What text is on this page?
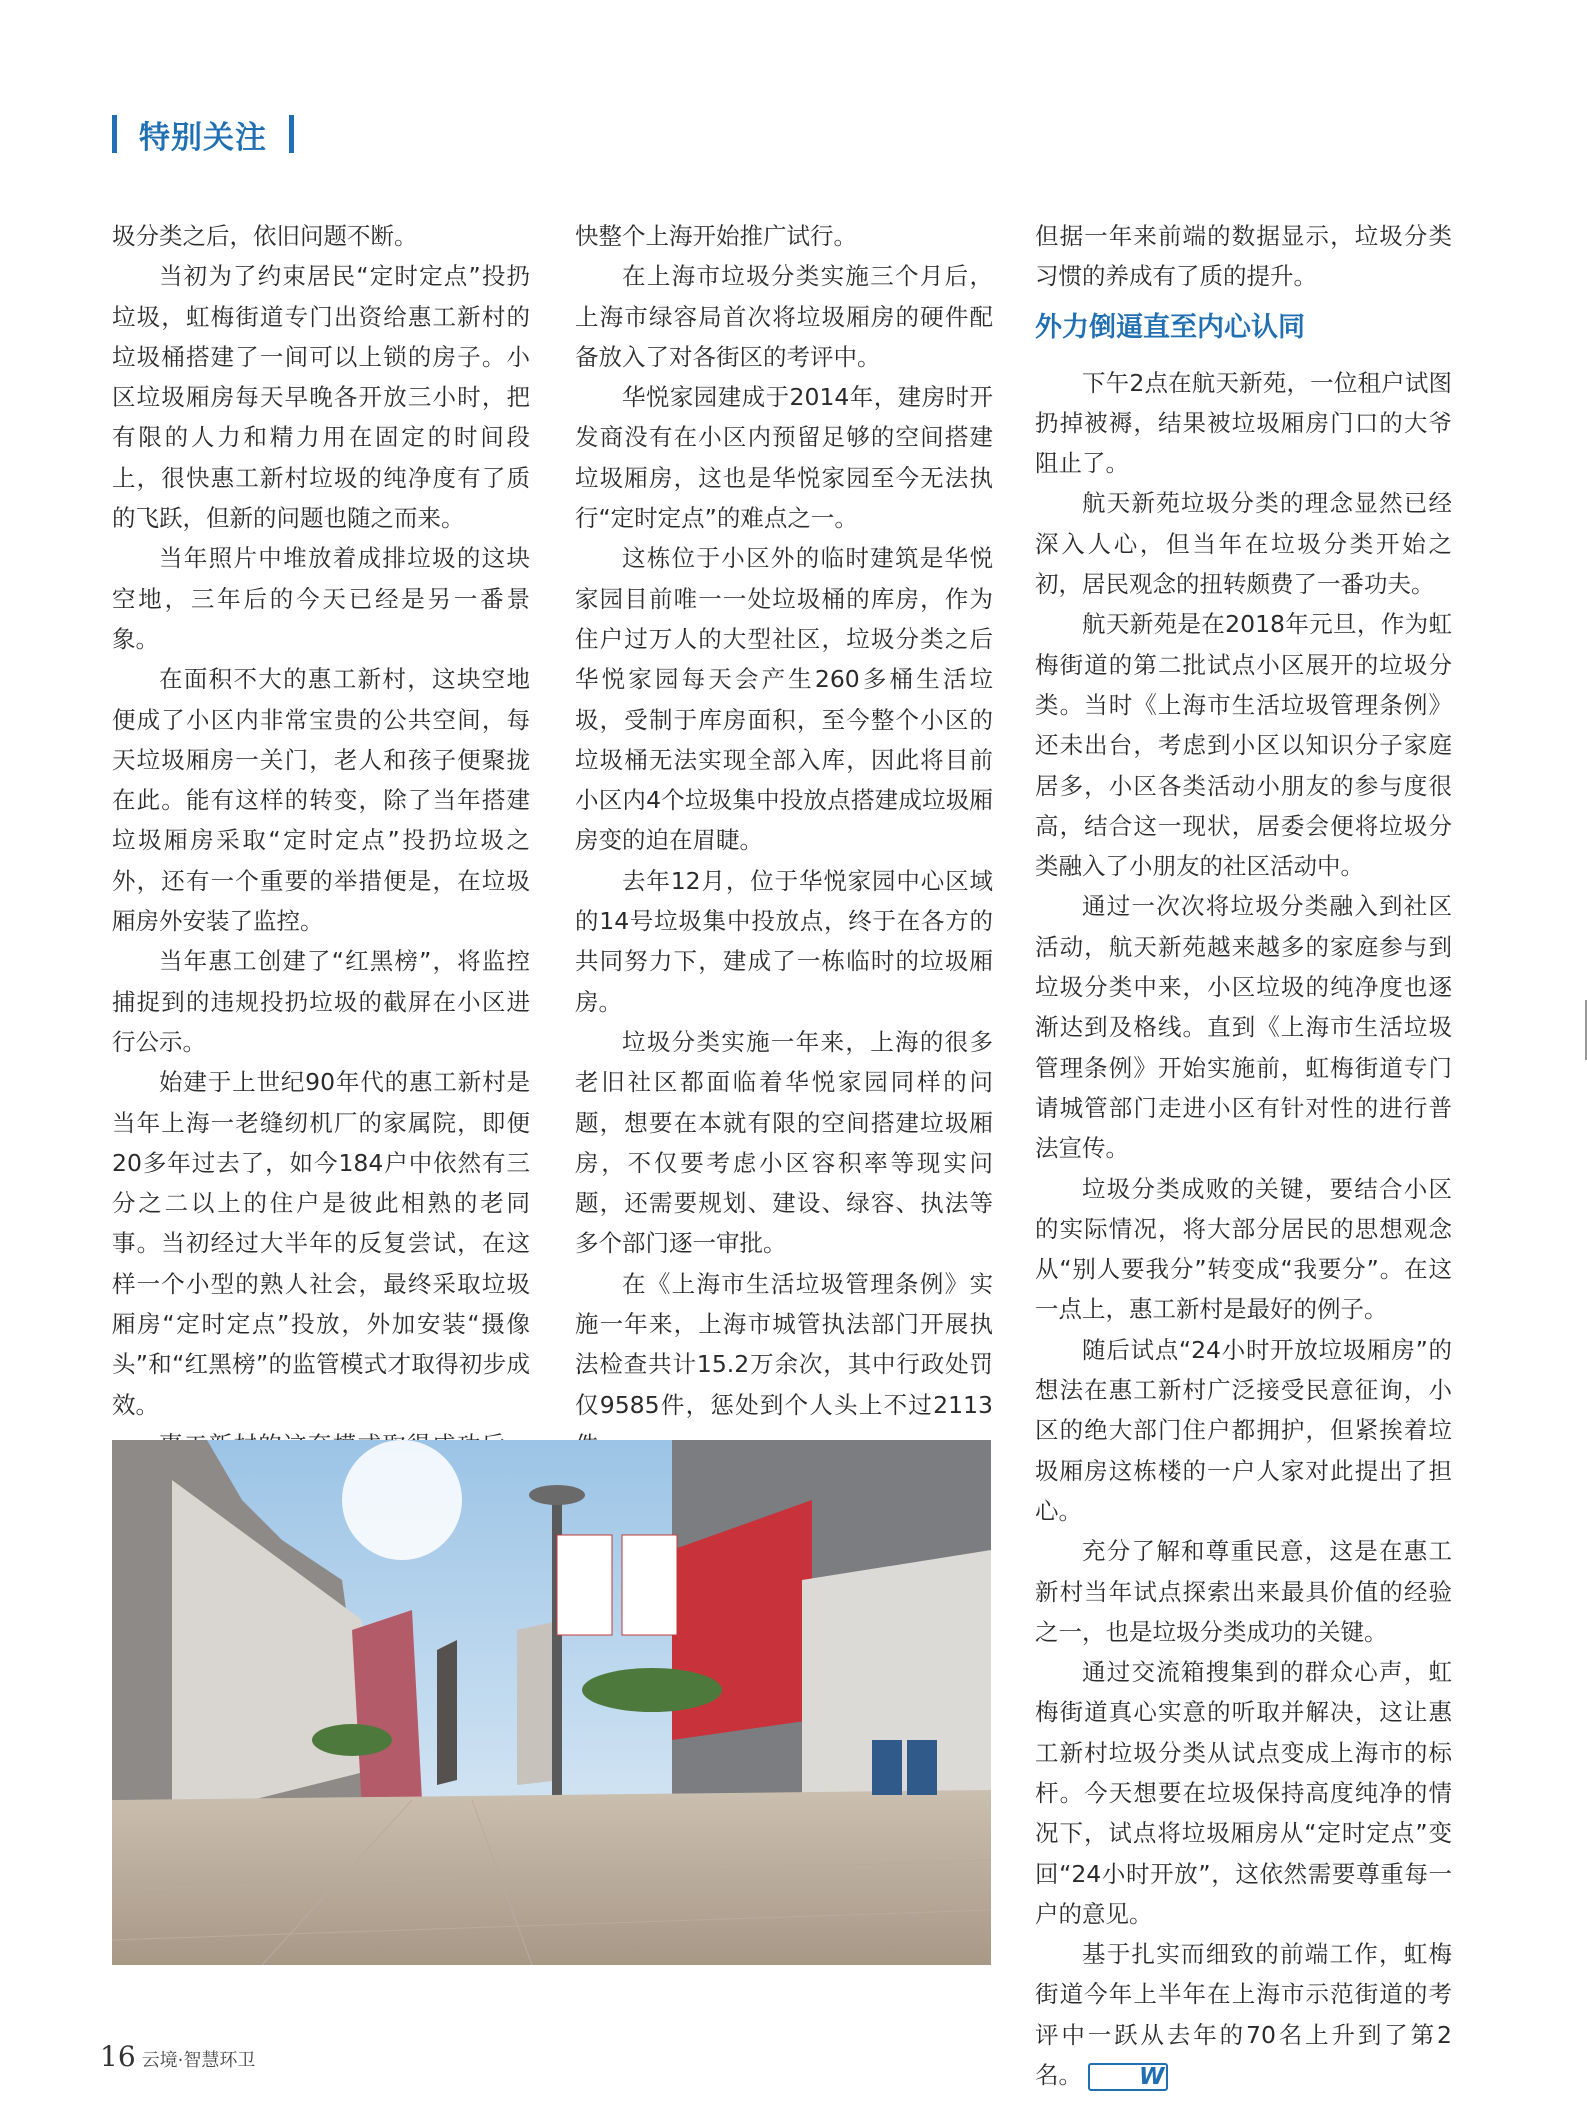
特别关注

圾分类之后，依旧问题不断。

当初为了约束居民“定时定点”投扔垃圾，虹梅街道专门出资给惠工新村的垃圾桶搭建了一间可以上锁的房子。小区垃圾厢房每天早晚各开放三小时，把有限的人力和精力用在固定的时间段上，很快惠工新村垃圾的纯净度有了质的飞跃，但新的问题也随之而来。

当年照片中堆放着成排垃圾的这块空地，三年后的今天已经是另一番景象。

在面积不大的惠工新村，这块空地便成了小区内非常宝贵的公共空间，每天垃圾厢房一关门，老人和孩子便聚拢在此。能有这样的转变，除了当年搭建垃圾厢房采取“定时定点”投扔垃圾之外，还有一个重要的举措便是，在垃圾厢房外安装了监控。

当年惠工创建了“红黑榜”，将监控捕捉到的违规投扔垃圾的截屏在小区进行公示。

始建于上世纪90年代的惠工新村是当年上海一老缝纫机厂的家属院，即便20多年过去了，如今184户中依然有三分之二以上的住户是彼此相熟的老同事。当初经过大半年的反复尝试，在这样一个小型的熟人社会，最终采取垃圾厢房“定时定点”投放，外加安装“摄像头”和“红黑榜”的监管模式才取得初步成效。

快整个上海开始推广试行。

在上海市垃圾分类实施三个月后，上海市绿容局首次将垃圾厢房的硬件配备放入了对各街区的考评中。

华悦家园建成于2014年，建房时开发商没有在小区内预留足够的空间搭建垃圾厢房，这也是华悦家园至今无法执行“定时定点”的难点之一。

这栋位于小区外的临时建筑是华悦家园目前唯一一处垃圾桶的库房，作为住户过万人的大型社区，垃圾分类之后华悦家园每天会产生260多桶生活垃圾，受制于库房面积，至今整个小区的垃圾桶无法实现全部入库，因此将目前小区内4个垃圾集中投放点搭建成垃圾厢房变的迫在眉睫。

去年12月，位于华悦家园中心区域的14号垃圾集中投放点，终于在各方的共同努力下，建成了一栋临时的垃圾厢房。

垃圾分类实施一年来，上海的很多老旧社区都面临着华悦家园同样的问题，想要在本就有限的空间搭建垃圾厢房，不仅要考虑小区容积率等现实问题，还需要规划、建设、绿容、执法等多个部门逐一审批。

在《上海市生活垃圾管理条例》实施一年来，上海市城管执法部门开展执法检查共计15.2万余次，其中行政处罚仅9585件，惩处到个人头上不过2113

但据一年来前端的数据显示，垃圾分类习惯的养成有了质的提升。

外力倒逼直至内心认同

下午2点在航天新苑，一位租户试图扔掉被褥，结果被垃圾厢房门口的大爷阻止了。

航天新苑垃圾分类的理念显然已经深入人心，但当年在垃圾分类开始之初，居民观念的扭转颇费了一番功夫。

航天新苑是在2018年元旦，作为虹梅街道的第二批试点小区展开的垃圾分类。当时《上海市生活垃圾管理条例》还未出台，考虑到小区以知识分子家庭居多，小区各类活动小朋友的参与度很高，结合这一现状，居委会便将垃圾分类融入了小朋友的社区活动中。

通过一次次将垃圾分类融入到社区活动，航天新苑越来越多的家庭参与到垃圾分类中来，小区垃圾的纯净度也逐渐达到及格线。直到《上海市生活垃圾管理条例》开始实施前，虹梅街道专门请城管部门走进小区有针对性的进行普法宣传。

垃圾分类成败的关键，要结合小区的实际情况，将大部分居民的思想观念从“别人要我分”转变成“我要分”。在这一点上，惠工新村是最好的例子。

随后试点“24小时开放垃圾厢房”的想法在惠工新村广泛接受民意征询，小区的绝大部门住户都拥护，但紧挨着垃圾厢房这栋楼的一户人家对此提出了担心。

充分了解和尊重民意，这是在惠工新村当年试点探索出来最具价值的经验之一，也是垃圾分类成功的关键。

通过交流箱搜集到的群众心声，虹梅街道真心实意的听取并解决，这让惠工新村垃圾分类从试点变成上海市的标杆。今天想要在垃圾保持高度纯净的情况下，试点将垃圾厢房从“定时定点”变回“24小时开放”，这依然需要尊重每一户的意见。

基于扎实而细致的前端工作，虹梅街道今年上半年在上海市示范街道的考评中一跃从去年的70名上升到了第2名。 W

16 云境·智慧环卫
